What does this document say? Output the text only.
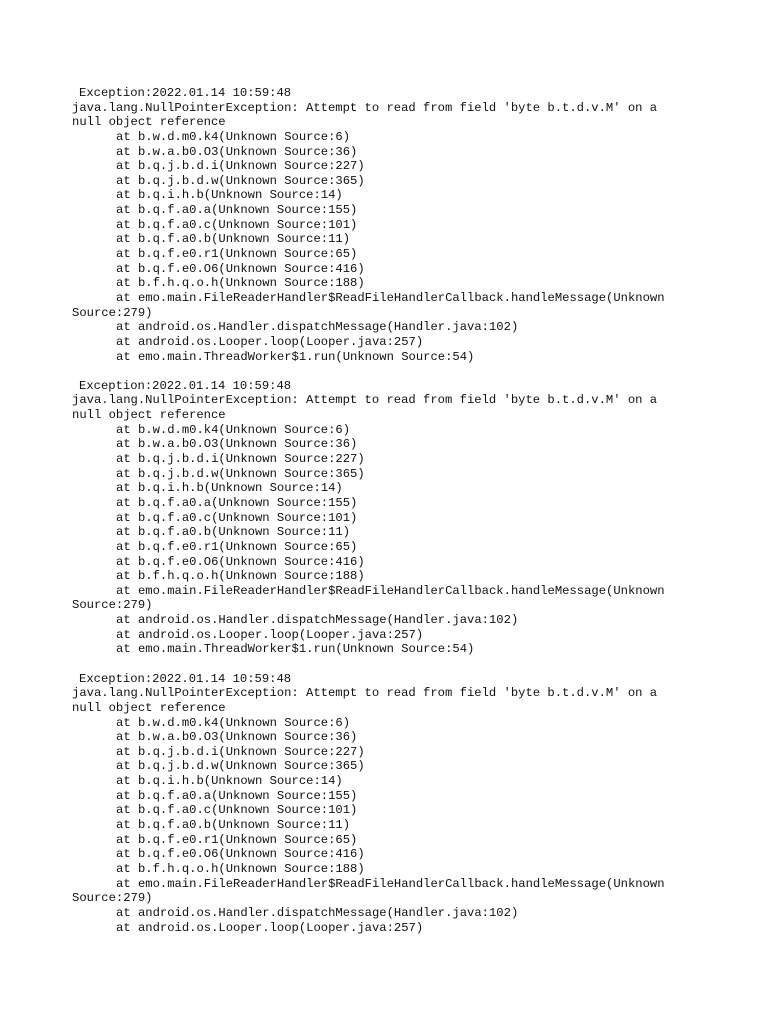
Exception:2022.01.14 10:59:48
java.lang.NullPointerException: Attempt to read from field 'byte b.t.d.v.M' on a
null object reference
at b.w.d.m0.k4(Unknown Source:6)
at b.w.a.b0.O3(Unknown Source:36)
at b.q.j.b.d.i(Unknown Source:227)
at b.q.j.b.d.w(Unknown Source:365)
at b.q.i.h.b(Unknown Source:14)
at b.q.f.a0.a(Unknown Source:155)
at b.q.f.a0.c(Unknown Source:101)
at b.q.f.a0.b(Unknown Source:11)
at b.q.f.e0.r1(Unknown Source:65)
at b.q.f.e0.O6(Unknown Source:416)
at b.f.h.q.o.h(Unknown Source:188)
at emo.main.FileReaderHandler$ReadFileHandlerCallback.handleMessage(Unknown
Source:279)
at android.os.Handler.dispatchMessage(Handler.java:102)
at android.os.Looper.loop(Looper.java:257)
at emo.main.ThreadWorker$1.run(Unknown Source:54)
Exception:2022.01.14 10:59:48
java.lang.NullPointerException: Attempt to read from field 'byte b.t.d.v.M' on a
null object reference
at b.w.d.m0.k4(Unknown Source:6)
at b.w.a.b0.O3(Unknown Source:36)
at b.q.j.b.d.i(Unknown Source:227)
at b.q.j.b.d.w(Unknown Source:365)
at b.q.i.h.b(Unknown Source:14)
at b.q.f.a0.a(Unknown Source:155)
at b.q.f.a0.c(Unknown Source:101)
at b.q.f.a0.b(Unknown Source:11)
at b.q.f.e0.r1(Unknown Source:65)
at b.q.f.e0.O6(Unknown Source:416)
at b.f.h.q.o.h(Unknown Source:188)
at emo.main.FileReaderHandler$ReadFileHandlerCallback.handleMessage(Unknown
Source:279)
at android.os.Handler.dispatchMessage(Handler.java:102)
at android.os.Looper.loop(Looper.java:257)
at emo.main.ThreadWorker$1.run(Unknown Source:54)
Exception:2022.01.14 10:59:48
java.lang.NullPointerException: Attempt to read from field 'byte b.t.d.v.M' on a
null object reference
at b.w.d.m0.k4(Unknown Source:6)
at b.w.a.b0.O3(Unknown Source:36)
at b.q.j.b.d.i(Unknown Source:227)
at b.q.j.b.d.w(Unknown Source:365)
at b.q.i.h.b(Unknown Source:14)
at b.q.f.a0.a(Unknown Source:155)
at b.q.f.a0.c(Unknown Source:101)
at b.q.f.a0.b(Unknown Source:11)
at b.q.f.e0.r1(Unknown Source:65)
at b.q.f.e0.O6(Unknown Source:416)
at b.f.h.q.o.h(Unknown Source:188)
at emo.main.FileReaderHandler$ReadFileHandlerCallback.handleMessage(Unknown
Source:279)
at android.os.Handler.dispatchMessage(Handler.java:102)
at android.os.Looper.loop(Looper.java:257)
